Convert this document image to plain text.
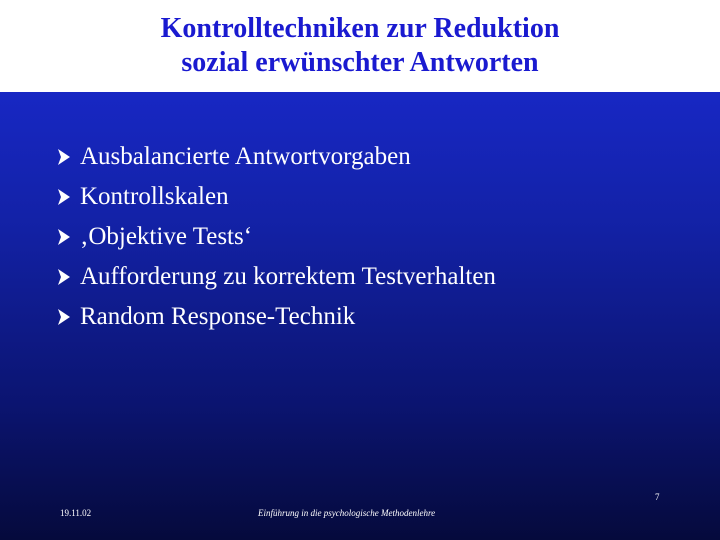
Kontrolltechniken zur Reduktion
sozial erwünschter Antworten
Ausbalancierte Antwortvorgaben
Kontrollskalen
‚Objektive Tests‘
Aufforderung zu korrektem Testverhalten
Random Response-Technik
19.11.02	Einführung in die psychologische Methodenlehre
7
